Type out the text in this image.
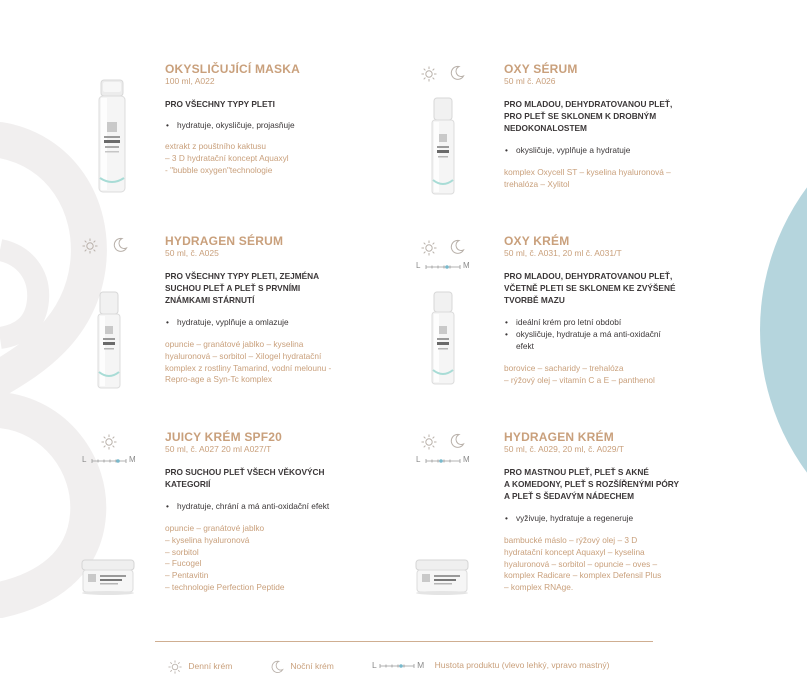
OKYSLIČUJÍCÍ MASKA
100 ml, A022
PRO VŠECHNY TYPY PLETI
• hydratuje, okysličuje, projasňuje
extrakt z pouštního kaktusu
– 3 D hydratační koncept Aquaxyl
- "bubble oxygen"technologie
OXY SÉRUM
50 ml č. A026
PRO MLADOU, DEHYDRATOVANOU PLEŤ,
PRO PLEŤ SE SKLONEM K DROBNÝM
NEDOKONALOSTEM
• okysličuje, vyplňuje a hydratuje
komplex Oxycell ST – kyselina hyaluronová –
trehalóza – Xylitol
HYDRAGEN SÉRUM
50 ml, č. A025
PRO VŠECHNY TYPY PLETI, ZEJMÉNA
SUCHOU PLEŤ A PLEŤ S PRVNÍMI
ZNÁMKAMI STÁRNUTÍ
• hydratuje, vyplňuje a omlazuje
opuncie – granátové jablko – kyselina
hyaluronová – sorbitol – Xilogel hydratační
komplex z rostliny Tamarind, vodní melounu -
Repro-age a Syn-Tc komplex
L	M
OXY KRÉM
50 ml, č. A031, 20 ml č. A031/T
PRO MLADOU, DEHYDRATOVANOU PLEŤ,
VČETNĚ PLETI SE SKLONEM KE ZVÝŠENÉ
TVORBĚ MAZU
• ideální krém pro letní období
• okysličuje, hydratuje a má anti-oxidační
efekt
borovice – sacharidy – trehalóza
– rýžový olej – vitamín C a E – panthenol
L	M
JUICY KRÉM SPF20
50 ml, č. A027 20 ml A027/T
PRO SUCHOU PLEŤ VŠECH VĚKOVÝCH
KATEGORIÍ
• hydratuje, chrání a má anti-oxidační efekt
opuncie – granátové jablko
– kyselina hyaluronová
– sorbitol
– Fucogel
– Pentavitin
– technologie Perfection Peptide
L	M
HYDRAGEN KRÉM
50 ml, č. A029, 20 ml, č. A029/T
PRO MASTNOU PLEŤ, PLEŤ S AKNÉ
A KOMEDONY, PLEŤ S ROZŠÍŘENÝMI PÓRY
A PLEŤ S ŠEDAVÝM NÁDECHEM
• vyživuje, hydratuje a regeneruje
bambucké máslo – rýžový olej – 3 D
hydratační koncept Aquaxyl – kyselina
hyaluronová – sorbitol – opuncie – oves –
komplex Radicare – komplex Defensil Plus
– komplex RNAge.
Denní krém	Noční krém	L	M Hustota produktu (vlevo lehký, vpravo mastný)
